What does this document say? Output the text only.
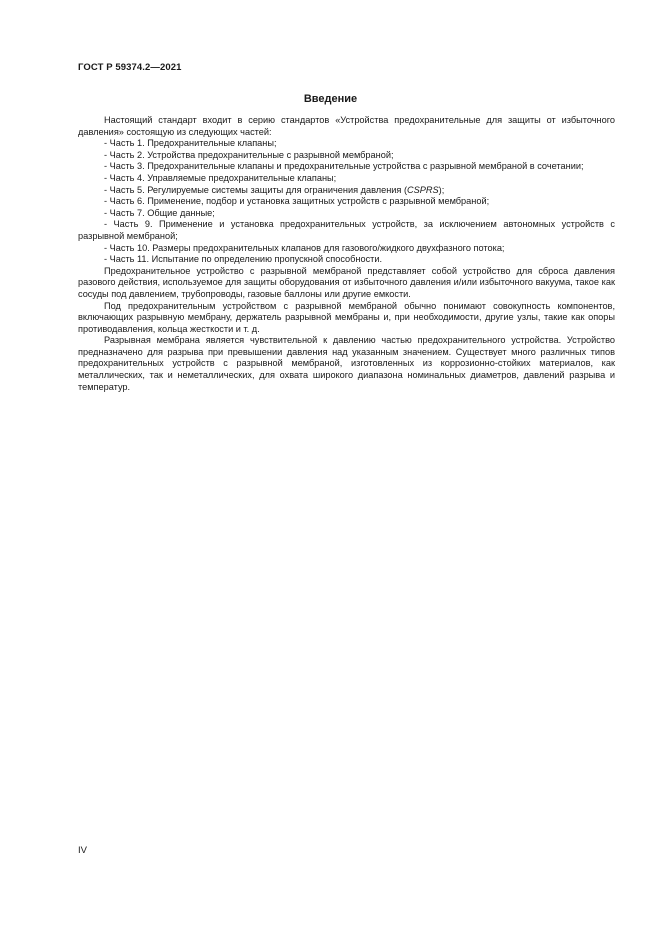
ГОСТ Р 59374.2—2021
Введение

Настоящий стандарт входит в серию стандартов «Устройства предохранительные для защиты от избыточного давления» состоящую из следующих частей:

- Часть 1. Предохранительные клапаны;

- Часть 2. Устройства предохранительные с разрывной мембраной;

- Часть 3. Предохранительные клапаны и предохранительные устройства с разрывной мембраной в сочетании;

- Часть 4. Управляемые предохранительные клапаны;

- Часть 5. Регулируемые системы защиты для ограничения давления (CSPRS);

- Часть 6. Применение, подбор и установка защитных устройств с разрывной мембраной;

- Часть 7. Общие данные;

- Часть 9. Применение и установка предохранительных устройств, за исключением автономных устройств с разрывной мембраной;

- Часть 10. Размеры предохранительных клапанов для газового/жидкого двухфазного потока;

- Часть 11. Испытание по определению пропускной способности.

Предохранительное устройство с разрывной мембраной представляет собой устройство для сброса давления разового действия, используемое для защиты оборудования от избыточного давления и/или избыточного вакуума, такое как сосуды под давлением, трубопроводы, газовые баллоны или другие емкости.

Под предохранительным устройством с разрывной мембраной обычно понимают совокупность компонентов, включающих разрывную мембрану, держатель разрывной мембраны и, при необходимости, другие узлы, такие как опоры противодавления, кольца жесткости и т. д.

Разрывная мембрана является чувствительной к давлению частью предохранительного устройства. Устройство предназначено для разрыва при превышении давления над указанным значением. Существует много различных типов предохранительных устройств с разрывной мембраной, изготовленных из коррозионно-стойких материалов, как металлических, так и неметаллических, для охвата широкого диапазона номинальных диаметров, давлений разрыва и температур.

IV
